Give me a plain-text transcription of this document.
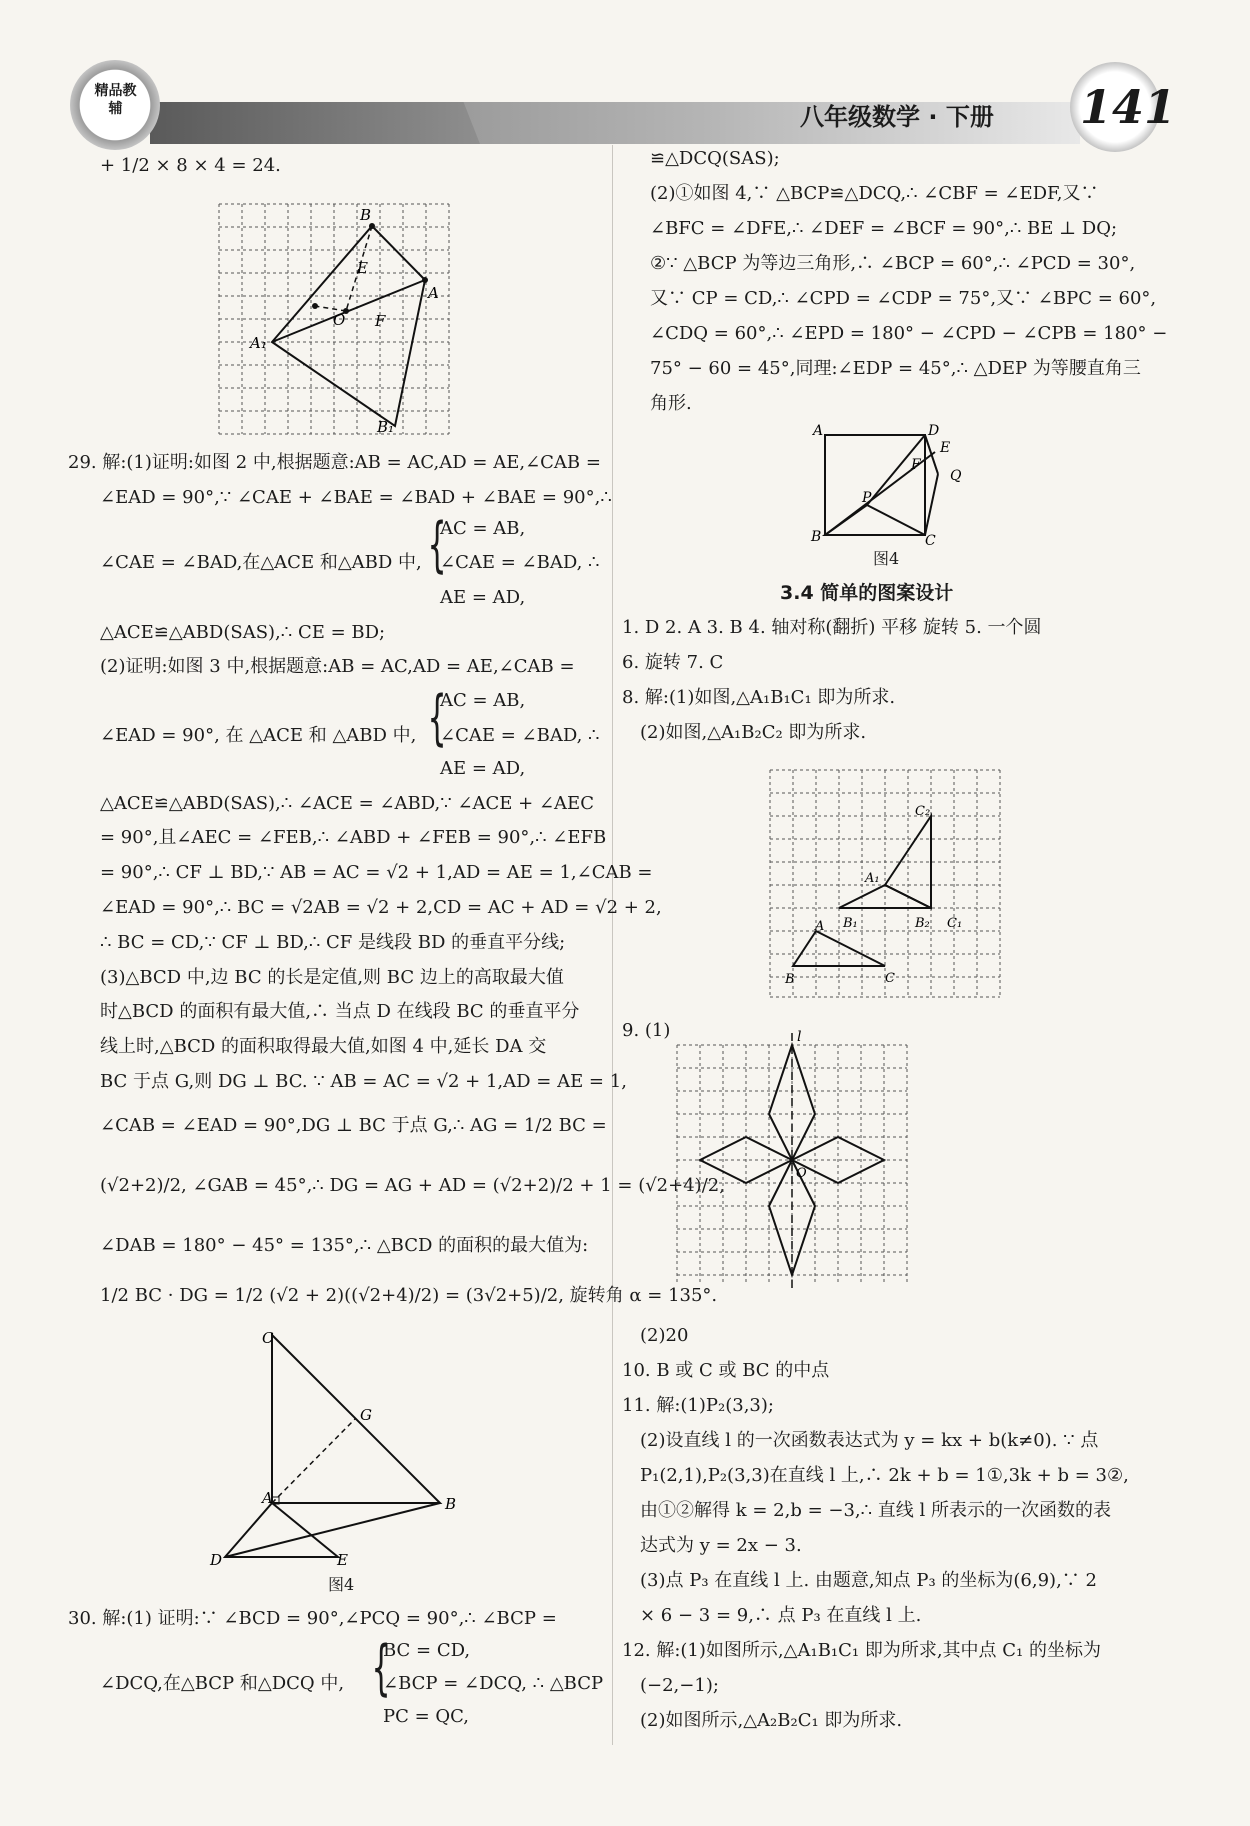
精品教辅	八年级数学 · 下册 141
+ 1/2 × 8 × 4 = 24.
B
E
A
O F
A₁
B₁
29. 解:(1)证明:如图 2 中,根据题意:AB = AC,AD = AE,∠CAB =
∠EAD = 90°,∵ ∠CAE + ∠BAE = ∠BAD + ∠BAE = 90°,∴
∠CAE = ∠BAD,在△ACE 和△ABD 中, {
AC = AB,
∠CAE = ∠BAD, ∴
AE = AD,
△ACE≌△ABD(SAS),∴ CE = BD;
(2)证明:如图 3 中,根据题意:AB = AC,AD = AE,∠CAB =
∠EAD = 90°, 在 △ACE 和 △ABD 中, {
AC = AB,
∠CAE = ∠BAD, ∴
AE = AD,
△ACE≌△ABD(SAS),∴ ∠ACE = ∠ABD,∵ ∠ACE + ∠AEC
= 90°,且∠AEC = ∠FEB,∴ ∠ABD + ∠FEB = 90°,∴ ∠EFB
= 90°,∴ CF ⊥ BD,∵ AB = AC = √2 + 1,AD = AE = 1,∠CAB =
∠EAD = 90°,∴ BC = √2AB = √2 + 2,CD = AC + AD = √2 + 2,
∴ BC = CD,∵ CF ⊥ BD,∴ CF 是线段 BD 的垂直平分线;
(3)△BCD 中,边 BC 的长是定值,则 BC 边上的高取最大值
时△BCD 的面积有最大值,∴ 当点 D 在线段 BC 的垂直平分
线上时,△BCD 的面积取得最大值,如图 4 中,延长 DA 交
BC 于点 G,则 DG ⊥ BC. ∵ AB = AC = √2 + 1,AD = AE = 1,
∠CAB = ∠EAD = 90°,DG ⊥ BC 于点 G,∴ AG = 1/2 BC =
(√2+2)/2, ∠GAB = 45°,∴ DG = AG + AD = (√2+2)/2 + 1 = (√2+4)/2,
∠DAB = 180° − 45° = 135°,∴ △BCD 的面积的最大值为:
1/2 BC · DG = 1/2 (√2 + 2)((√2+4)/2) = (3√2+5)/2, 旋转角 α = 135°.
C
G
A	B
D	E
图4
30. 解:(1) 证明:∵ ∠BCD = 90°,∠PCQ = 90°,∴ ∠BCP =
∠DCQ,在△BCP 和△DCQ 中, {
BC = CD,
∠BCP = ∠DCQ, ∴ △BCP
PC = QC,
≌△DCQ(SAS);
(2)①如图 4,∵ △BCP≌△DCQ,∴ ∠CBF = ∠EDF,又∵
∠BFC = ∠DFE,∴ ∠DEF = ∠BCF = 90°,∴ BE ⊥ DQ;
②∵ △BCP 为等边三角形,∴ ∠BCP = 60°,∴ ∠PCD = 30°,
又∵ CP = CD,∴ ∠CPD = ∠CDP = 75°,又∵ ∠BPC = 60°,
∠CDQ = 60°,∴ ∠EPD = 180° − ∠CPD − ∠CPB = 180° −
75° − 60 = 45°,同理:∠EDP = 45°,∴ △DEP 为等腰直角三
角形.
A	D
E
F
Q
P
B	C
图4
3.4 简单的图案设计
1. D 2. A 3. B 4. 轴对称(翻折) 平移 旋转 5. 一个圆
6. 旋转 7. C
8. 解:(1)如图,△A₁B₁C₁ 即为所求.
(2)如图,△A₁B₂C₂ 即为所求.
C₂
A₁
B₁	B₂ C₁
A
B	C
9. (1)	l
O
(2)20
10. B 或 C 或 BC 的中点
11. 解:(1)P₂(3,3);
(2)设直线 l 的一次函数表达式为 y = kx + b(k≠0). ∵ 点
P₁(2,1),P₂(3,3)在直线 l 上,∴ 2k + b = 1①,3k + b = 3②,
由①②解得 k = 2,b = −3,∴ 直线 l 所表示的一次函数的表
达式为 y = 2x − 3.
(3)点 P₃ 在直线 l 上. 由题意,知点 P₃ 的坐标为(6,9),∵ 2
× 6 − 3 = 9,∴ 点 P₃ 在直线 l 上.
12. 解:(1)如图所示,△A₁B₁C₁ 即为所求,其中点 C₁ 的坐标为
(−2,−1);
(2)如图所示,△A₂B₂C₁ 即为所求.
